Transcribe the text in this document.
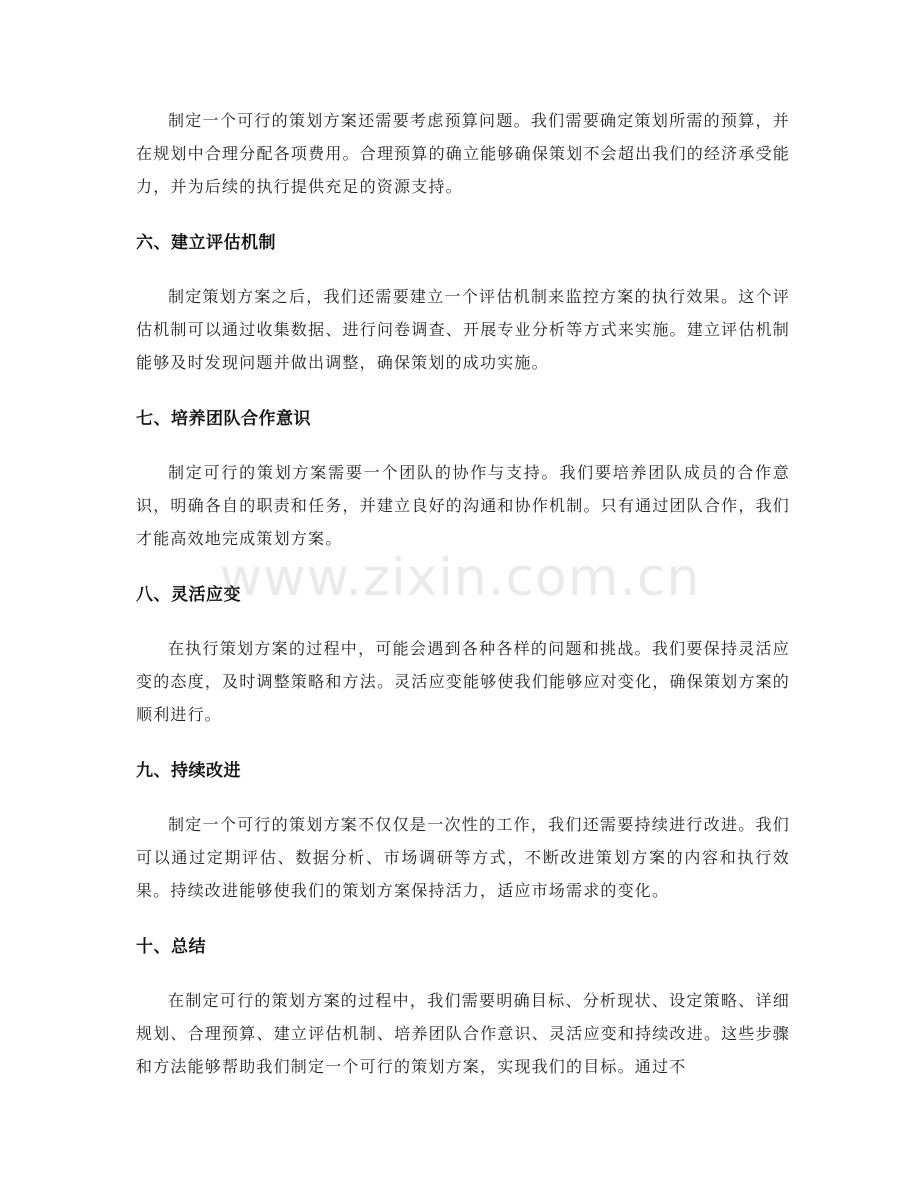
制定一个可行的策划方案还需要考虑预算问题。我们需要确定策划所需的预算，并在规划中合理分配各项费用。合理预算的确立能够确保策划不会超出我们的经济承受能力，并为后续的执行提供充足的资源支持。

六、建立评估机制

制定策划方案之后，我们还需要建立一个评估机制来监控方案的执行效果。这个评估机制可以通过收集数据、进行问卷调查、开展专业分析等方式来实施。建立评估机制能够及时发现问题并做出调整，确保策划的成功实施。

七、培养团队合作意识

制定可行的策划方案需要一个团队的协作与支持。我们要培养团队成员的合作意识，明确各自的职责和任务，并建立良好的沟通和协作机制。只有通过团队合作，我们才能高效地完成策划方案。

八、灵活应变

在执行策划方案的过程中，可能会遇到各种各样的问题和挑战。我们要保持灵活应变的态度，及时调整策略和方法。灵活应变能够使我们能够应对变化，确保策划方案的顺利进行。

九、持续改进

制定一个可行的策划方案不仅仅是一次性的工作，我们还需要持续进行改进。我们可以通过定期评估、数据分析、市场调研等方式，不断改进策划方案的内容和执行效果。持续改进能够使我们的策划方案保持活力，适应市场需求的变化。

十、总结

在制定可行的策划方案的过程中，我们需要明确目标、分析现状、设定策略、详细规划、合理预算、建立评估机制、培养团队合作意识、灵活应变和持续改进。这些步骤和方法能够帮助我们制定一个可行的策划方案，实现我们的目标。通过不

www.zixin.com.cn
